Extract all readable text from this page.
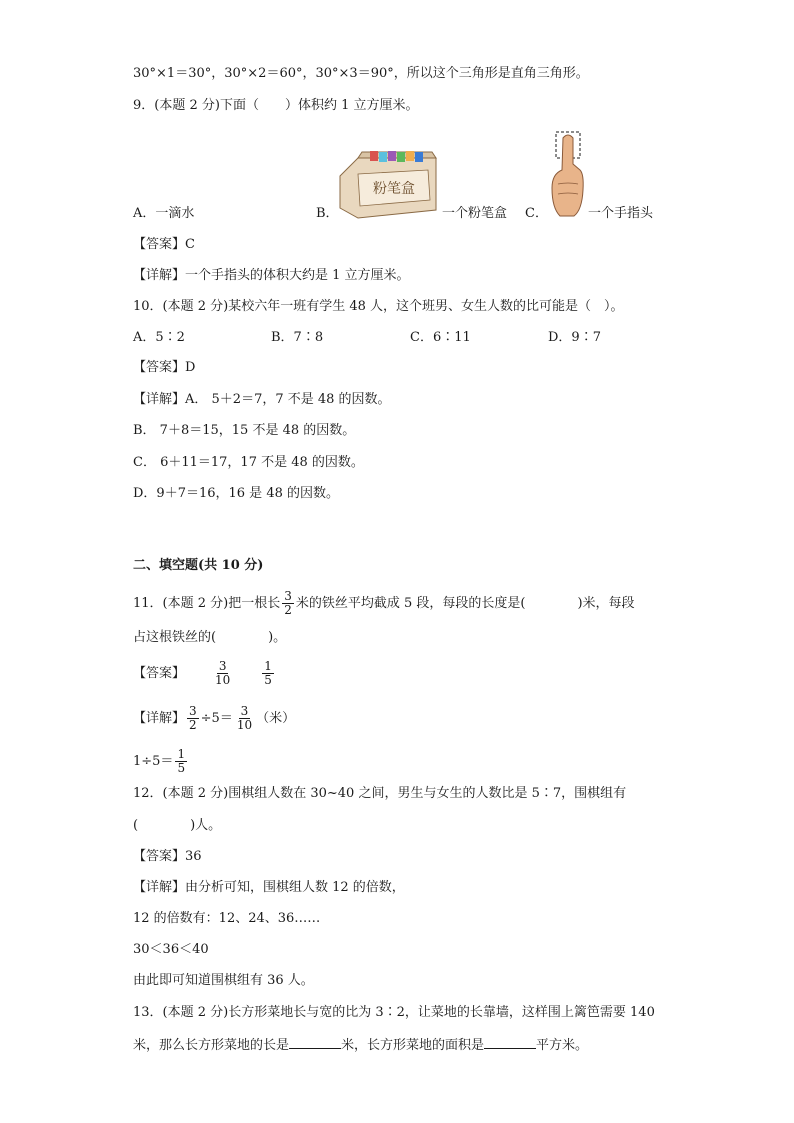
30°×1＝30°，30°×2＝60°，30°×3＝90°，所以这个三角形是直角三角形。
9．(本题 2 分)下面（　　）体积约 1 立方厘米。
粉笔盒
A．一滴水	B．	一个粉笔盒 C．	一个手指头
【答案】C
【详解】一个手指头的体积大约是 1 立方厘米。
10．(本题 2 分)某校六年一班有学生 48 人，这个班男、女生人数的比可能是（　）。
A．5∶2	B．7∶8	C．6∶11	D．9∶7
【答案】D
【详解】A． 5＋2＝7，7 不是 48 的因数。
B． 7＋8＝15，15 不是 48 的因数。
C． 6＋11＝17，17 不是 48 的因数。
D．9＋7＝16，16 是 48 的因数。
二、填空题(共 10 分)
11．(本题 2 分)把一根长 $\frac{3}{2}$ 米的铁丝平均截成 5 段，每段的长度是(　　　　)米，每段
占这根铁丝的(　　　　)。
【答案】 $\frac{3}{10}$	$\frac{1}{5}$
【详解】 $\frac{3}{2} \div 5= \frac{3}{10}$ （米）
$1\div 5= \frac{1}{5}$
12．(本题 2 分)围棋组人数在 30~40 之间，男生与女生的人数比是 5∶7，围棋组有
(　　　　)人。
【答案】36
【详解】由分析可知，围棋组人数 12 的倍数，
12 的倍数有：12、24、36……
30＜36＜40
由此即可知道围棋组有 36 人。
13．(本题 2 分)长方形菜地长与宽的比为 3∶2，让菜地的长靠墙，这样围上篱笆需要 140
米，那么长方形菜地的长是	米，长方形菜地的面积是	平方米。
